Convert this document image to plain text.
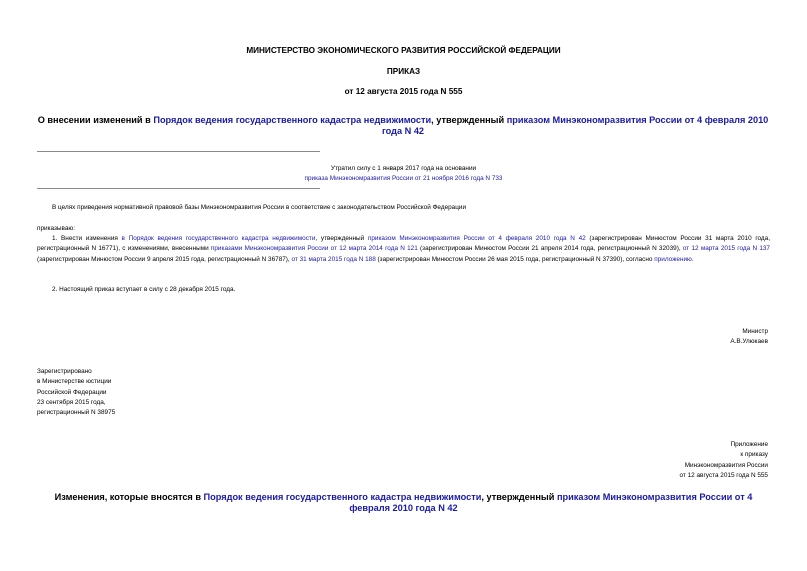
МИНИСТЕРСТВО ЭКОНОМИЧЕСКОГО РАЗВИТИЯ РОССИЙСКОЙ ФЕДЕРАЦИИ
ПРИКАЗ
от 12 августа 2015 года N 555
О внесении изменений в Порядок ведения государственного кадастра недвижимости, утвержденный приказом Минэкономразвития России от 4 февраля 2010 года N 42
Утратил силу с 1 января 2017 года на основании
приказа Минэкономразвития России от 21 ноября 2016 года N 733
В целях приведения нормативной правовой базы Минэкономразвития России в соответствие с законодательством Российской Федерации
приказываю:
1. Внести изменения в Порядок ведения государственного кадастра недвижимости, утвержденный приказом Минэкономразвития России от 4 февраля 2010 года N 42 (зарегистрирован Минюстом России 31 марта 2010 года, регистрационный N 16771), с изменениями, внесенными приказами Минэкономразвития России от 12 марта 2014 года N 121 (зарегистрирован Минюстом России 21 апреля 2014 года, регистрационный N 32039), от 12 марта 2015 года N 137 (зарегистрирован Минюстом России 9 апреля 2015 года, регистрационный N 36787), от 31 марта 2015 года N 188 (зарегистрирован Минюстом России 26 мая 2015 года, регистрационный N 37390), согласно приложению.
2. Настоящий приказ вступает в силу с 28 декабря 2015 года.
Министр
А.В.Улюкаев
Зарегистрировано
в Министерстве юстиции
Российской Федерации
23 сентября 2015 года,
регистрационный N 38975
Приложение
к приказу
Минэкономразвития России
от 12 августа 2015 года N 555
Изменения, которые вносятся в Порядок ведения государственного кадастра недвижимости, утвержденный приказом Минэкономразвития России от 4 февраля 2010 года N 42
